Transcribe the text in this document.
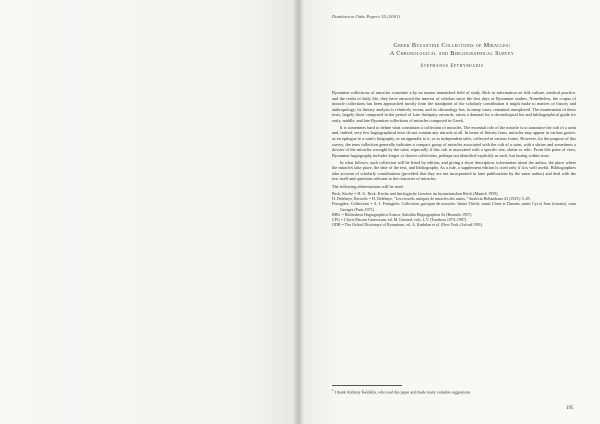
Dumbarton Oaks Papers 55 (2001)
Greek Byzantine Collections of Miracles:
A Chronological and Bibliographical Survey
Stephanos Efthymiadis

Byzantine collections of miracles constitute a by no means unmatched field of study. Rich in information on folk culture, medical practice, and the realia of daily life, they have attracted the interest of scholars since the first days of Byzantine studies. Nonetheless, the corpus of miracle collections has been approached mostly from the standpoint of the scholarly contribution it might make to matters of history and anthropology; its literary analysis is relatively recent, and its chronology has, in many cases, remained unexplored. The examination of these texts, largely those composed in the period of Late Antiquity onwards, raises a demand for a chronological list and bibliographical guide for early, middle, and late Byzantine collections of miracles composed in Greek.

It is sometimes hard to define what constitutes a collection of miracles. The essential role of the miracle is to announce the cult of a saint and, indeed, very few hagiographical texts do not contain any miracle at all. In terms of literary form, miracles may appear in various guises: as an epilogue to a saint's biography, as an appendix to it, or as independent tales, collected in various forms. However, for the purpose of this survey, the term collection generally indicates a compact group of miracles associated with the cult of a saint, with a shrine and sometimes a dossier of the miracles wrought by the saint, especially if this cult is associated with a specific site, shrine or relic. From this point of view, Byzantine hagiography includes longer or shorter collections, perhaps not identified explicitly as such, but lasting within texts.

In what follows, each collection will be listed by edition, and giving a short description, information about the author, the place where the miracles take place, the date of the text, and bibliography. As a rule, a supplement edition is cited only if it is well useful. Bibliographies take account of scholarly contributions (provided that they are not incorporated in later publications by the same author) and deal with the text itself and questions relevant to the character of miracles.

The following abbreviations will be used:

Beck, Kirche = H.-G. Beck, Kirche und theologische Literatur im byzantinischen Reich (Munich 1959).
H. Delehaye, Recueils = H. Delehaye, "Les recueils antiques de miracles des saints," Analecta Bollandiana 43 (1925): 5–85.
Festugière, Collections = A.-J. Festugière, Collections grecques de miracles: Sainte Thècle, saints Côme et Damien, saints Cyr et Jean (extraits), saint Georges (Paris 1971).
BHG = Bibliotheca Hagiographica Graeca, Subsidia Hagiographica 8a (Brussels 1957).
CPG = Clavis Patrum Graecorum, ed. M. Geerard, vols. I–V (Turnhout 1974–1987).
ODB = The Oxford Dictionary of Byzantium, ed. A. Kazhdan et al. (New York–Oxford 1991).
$^1$ I thank Anthony Kaldellis, who read this paper and made many valuable suggestions.
195
